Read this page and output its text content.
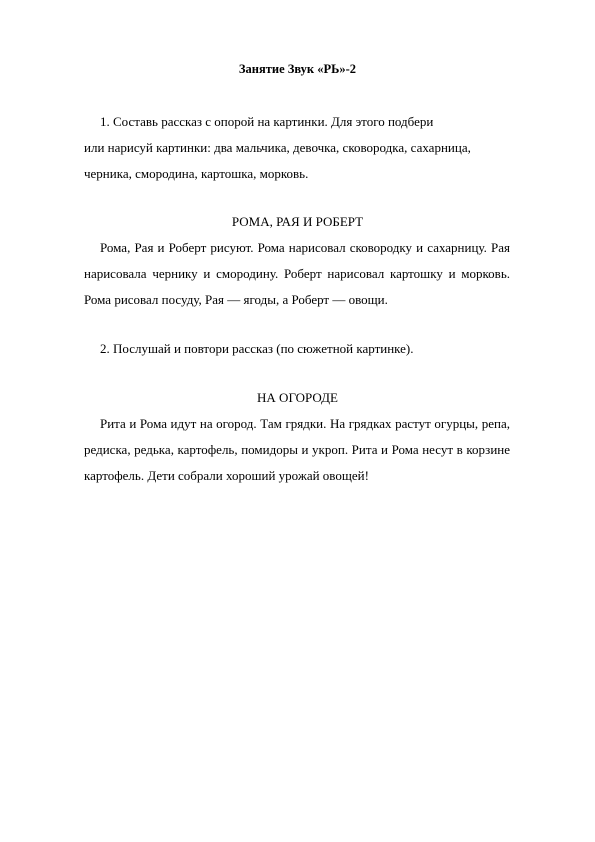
Занятие Звук «РЬ»-2
1. Составь рассказ с опорой на картинки. Для этого подбери
или нарисуй картинки: два мальчика, девочка, сковородка, сахарница,
черника, смородина, картошка, морковь.
РОМА, РАЯ И РОБЕРТ
Рома, Рая и Роберт рисуют. Рома нарисовал сковородку и сахарницу. Рая
нарисовала чернику и смородину. Роберт нарисовал картошку и морковь.
Рома рисовал посуду, Рая — ягоды, а Роберт — овощи.
2. Послушай и повтори рассказ (по сюжетной картинке).
НА ОГОРОДЕ
Рита и Рома идут на огород. Там грядки. На грядках растут огурцы, репа,
редиска, редька, картофель, помидоры и укроп. Рита и Рома несут в корзине
картофель. Дети собрали хороший урожай овощей!
